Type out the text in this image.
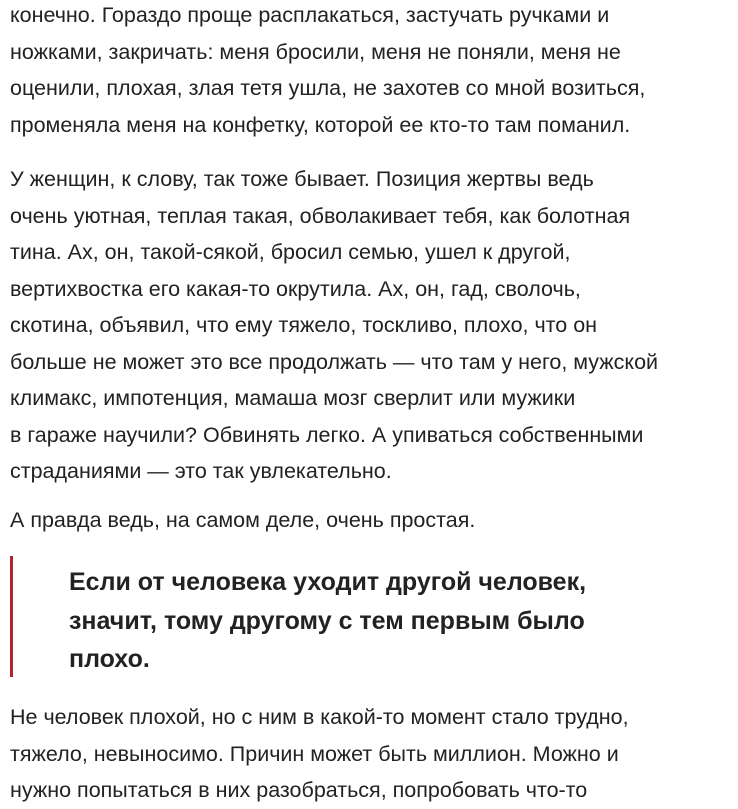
конечно. Гораздо проще расплакаться, застучать ручками и
ножками, закричать: меня бросили, меня не поняли, меня не
оценили, плохая, злая тетя ушла, не захотев со мной возиться,
променяла меня на конфетку, которой ее кто-то там поманил.

У женщин, к слову, так тоже бывает. Позиция жертвы ведь
очень уютная, теплая такая, обволакивает тебя, как болотная
тина. Ах, он, такой-сякой, бросил семью, ушел к другой,
вертихвостка его какая-то окрутила. Ах, он, гад, сволочь,
скотина, объявил, что ему тяжело, тоскливо, плохо, что он
больше не может это все продолжать — что там у него, мужской
климакс, импотенция, мамаша мозг сверлит или мужики
в гараже научили? Обвинять легко. А упиваться собственными
страданиями — это так увлекательно.

А правда ведь, на самом деле, очень простая.

Если от человека уходит другой человек,
значит, тому другому с тем первым было
плохо.

Не человек плохой, но с ним в какой-то момент стало трудно,
тяжело, невыносимо. Причин может быть миллион. Можно и
нужно попытаться в них разобраться, попробовать что-то
